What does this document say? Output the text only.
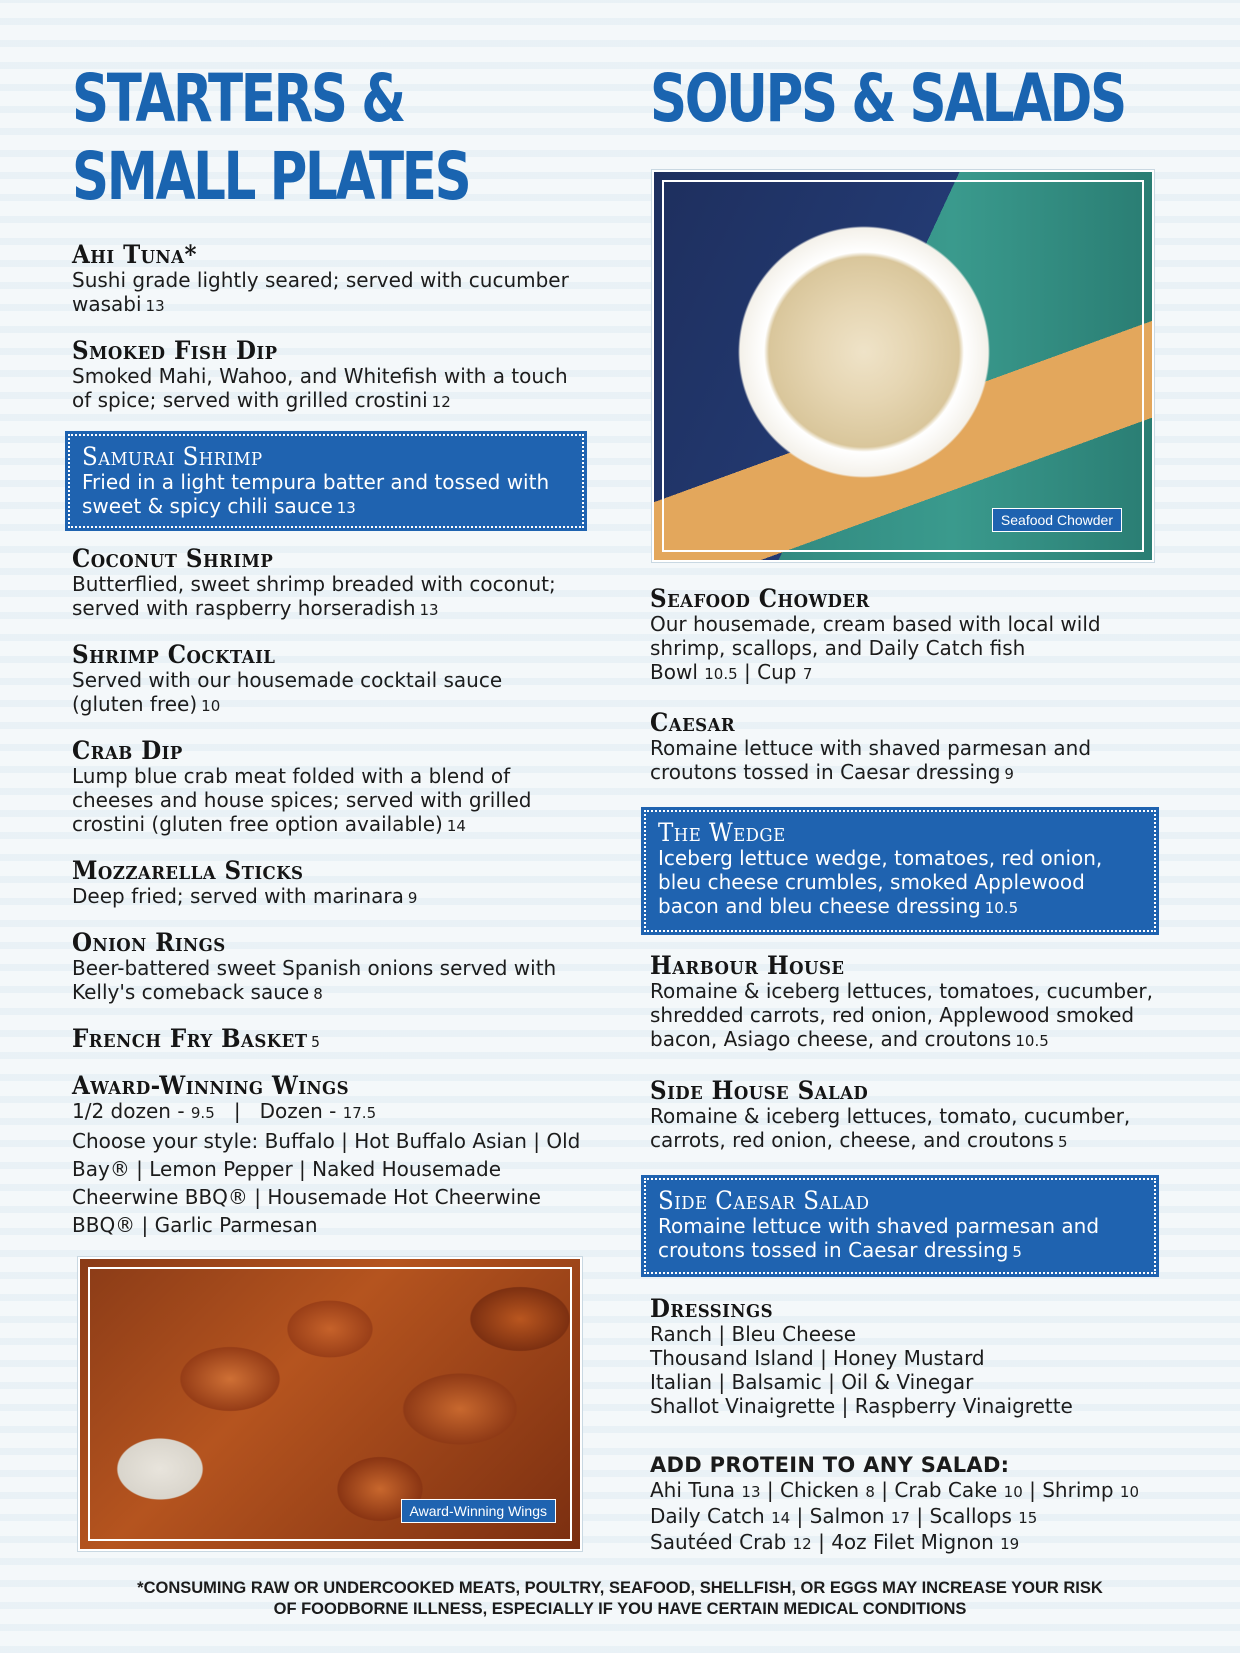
STARTERS &
SMALL PLATES
Ahi Tuna*
Sushi grade lightly seared; served with cucumber wasabi 13
Smoked Fish Dip
Smoked Mahi, Wahoo, and Whitefish with a touch of spice; served with grilled crostini 12
Samurai Shrimp
Fried in a light tempura batter and tossed with sweet & spicy chili sauce 13
Coconut Shrimp
Butterflied, sweet shrimp breaded with coconut; served with raspberry horseradish 13
Shrimp Cocktail
Served with our housemade cocktail sauce (gluten free) 10
Crab Dip
Lump blue crab meat folded with a blend of cheeses and house spices; served with grilled crostini (gluten free option available) 14
Mozzarella Sticks
Deep fried; served with marinara 9
Onion Rings
Beer-battered sweet Spanish onions served with Kelly's comeback sauce 8
French Fry Basket 5
Award-Winning Wings
1/2 dozen - 9.5 | Dozen - 17.5
Choose your style: Buffalo | Hot Buffalo Asian | Old Bay® | Lemon Pepper | Naked Housemade Cheerwine BBQ® | Housemade Hot Cheerwine BBQ® | Garlic Parmesan
Award-Winning Wings
SOUPS & SALADS
Seafood Chowder
Seafood Chowder
Our housemade, cream based with local wild shrimp, scallops, and Daily Catch fish
Bowl 10.5 | Cup 7
Caesar
Romaine lettuce with shaved parmesan and croutons tossed in Caesar dressing 9
The Wedge
Iceberg lettuce wedge, tomatoes, red onion, bleu cheese crumbles, smoked Applewood bacon and bleu cheese dressing 10.5
Harbour House
Romaine & iceberg lettuces, tomatoes, cucumber, shredded carrots, red onion, Applewood smoked bacon, Asiago cheese, and croutons 10.5
Side House Salad
Romaine & iceberg lettuces, tomato, cucumber, carrots, red onion, cheese, and croutons 5
Side Caesar Salad
Romaine lettuce with shaved parmesan and croutons tossed in Caesar dressing 5
Dressings
Ranch | Bleu Cheese
Thousand Island | Honey Mustard
Italian | Balsamic | Oil & Vinegar
Shallot Vinaigrette | Raspberry Vinaigrette
ADD PROTEIN TO ANY SALAD:
Ahi Tuna 13 | Chicken 8 | Crab Cake 10 | Shrimp 10
Daily Catch 14 | Salmon 17 | Scallops 15
Sautéed Crab 12 | 4oz Filet Mignon 19
*CONSUMING RAW OR UNDERCOOKED MEATS, POULTRY, SEAFOOD, SHELLFISH, OR EGGS MAY INCREASE YOUR RISK
OF FOODBORNE ILLNESS, ESPECIALLY IF YOU HAVE CERTAIN MEDICAL CONDITIONS
